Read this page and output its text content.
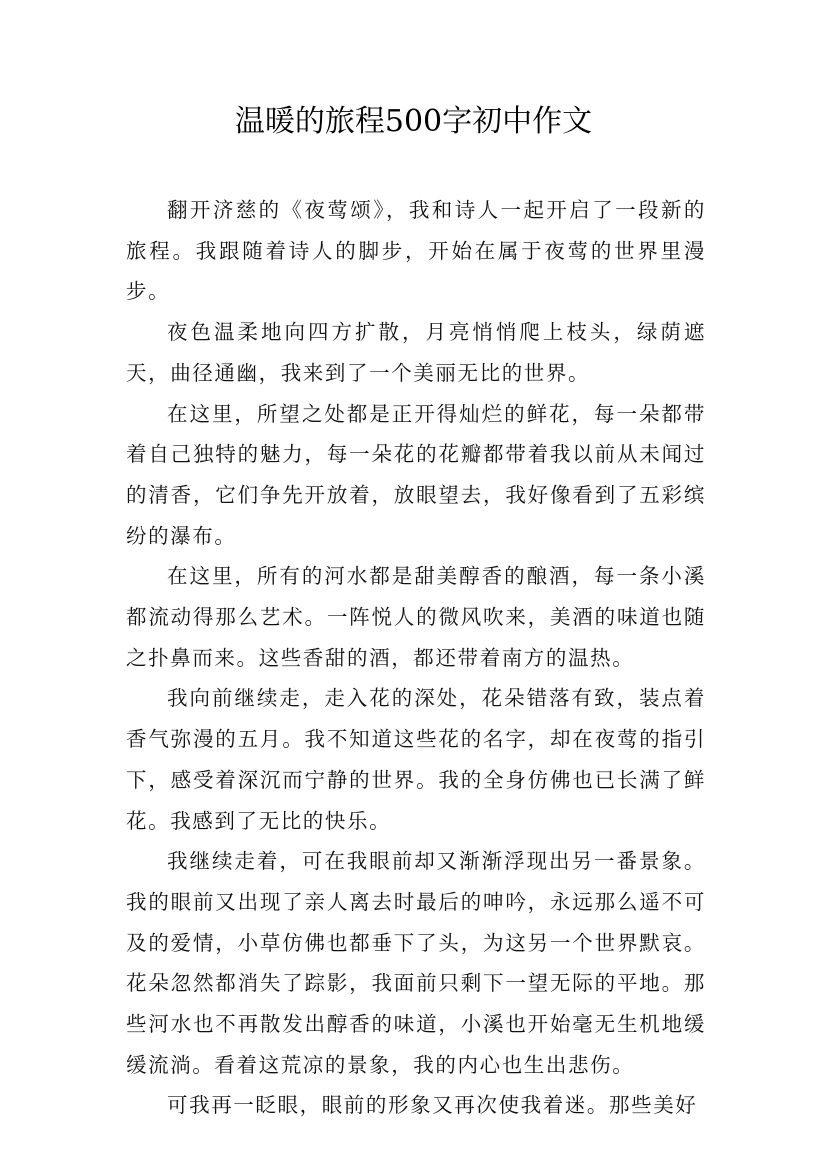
温暖的旅程500字初中作文

翻开济慈的《夜莺颂》，我和诗人一起开启了一段新的旅程。我跟随着诗人的脚步，开始在属于夜莺的世界里漫步。

夜色温柔地向四方扩散，月亮悄悄爬上枝头，绿荫遮天，曲径通幽，我来到了一个美丽无比的世界。

在这里，所望之处都是正开得灿烂的鲜花，每一朵都带着自己独特的魅力，每一朵花的花瓣都带着我以前从未闻过的清香，它们争先开放着，放眼望去，我好像看到了五彩缤纷的瀑布。

在这里，所有的河水都是甜美醇香的酿酒，每一条小溪都流动得那么艺术。一阵悦人的微风吹来，美酒的味道也随之扑鼻而来。这些香甜的酒，都还带着南方的温热。

我向前继续走，走入花的深处，花朵错落有致，装点着香气弥漫的五月。我不知道这些花的名字，却在夜莺的指引下，感受着深沉而宁静的世界。我的全身仿佛也已长满了鲜花。我感到了无比的快乐。

我继续走着，可在我眼前却又渐渐浮现出另一番景象。我的眼前又出现了亲人离去时最后的呻吟，永远那么遥不可及的爱情，小草仿佛也都垂下了头，为这另一个世界默哀。花朵忽然都消失了踪影，我面前只剩下一望无际的平地。那些河水也不再散发出醇香的味道，小溪也开始毫无生机地缓缓流淌。看着这荒凉的景象，我的内心也生出悲伤。

可我再一眨眼，眼前的形象又再次使我着迷。那些美好
